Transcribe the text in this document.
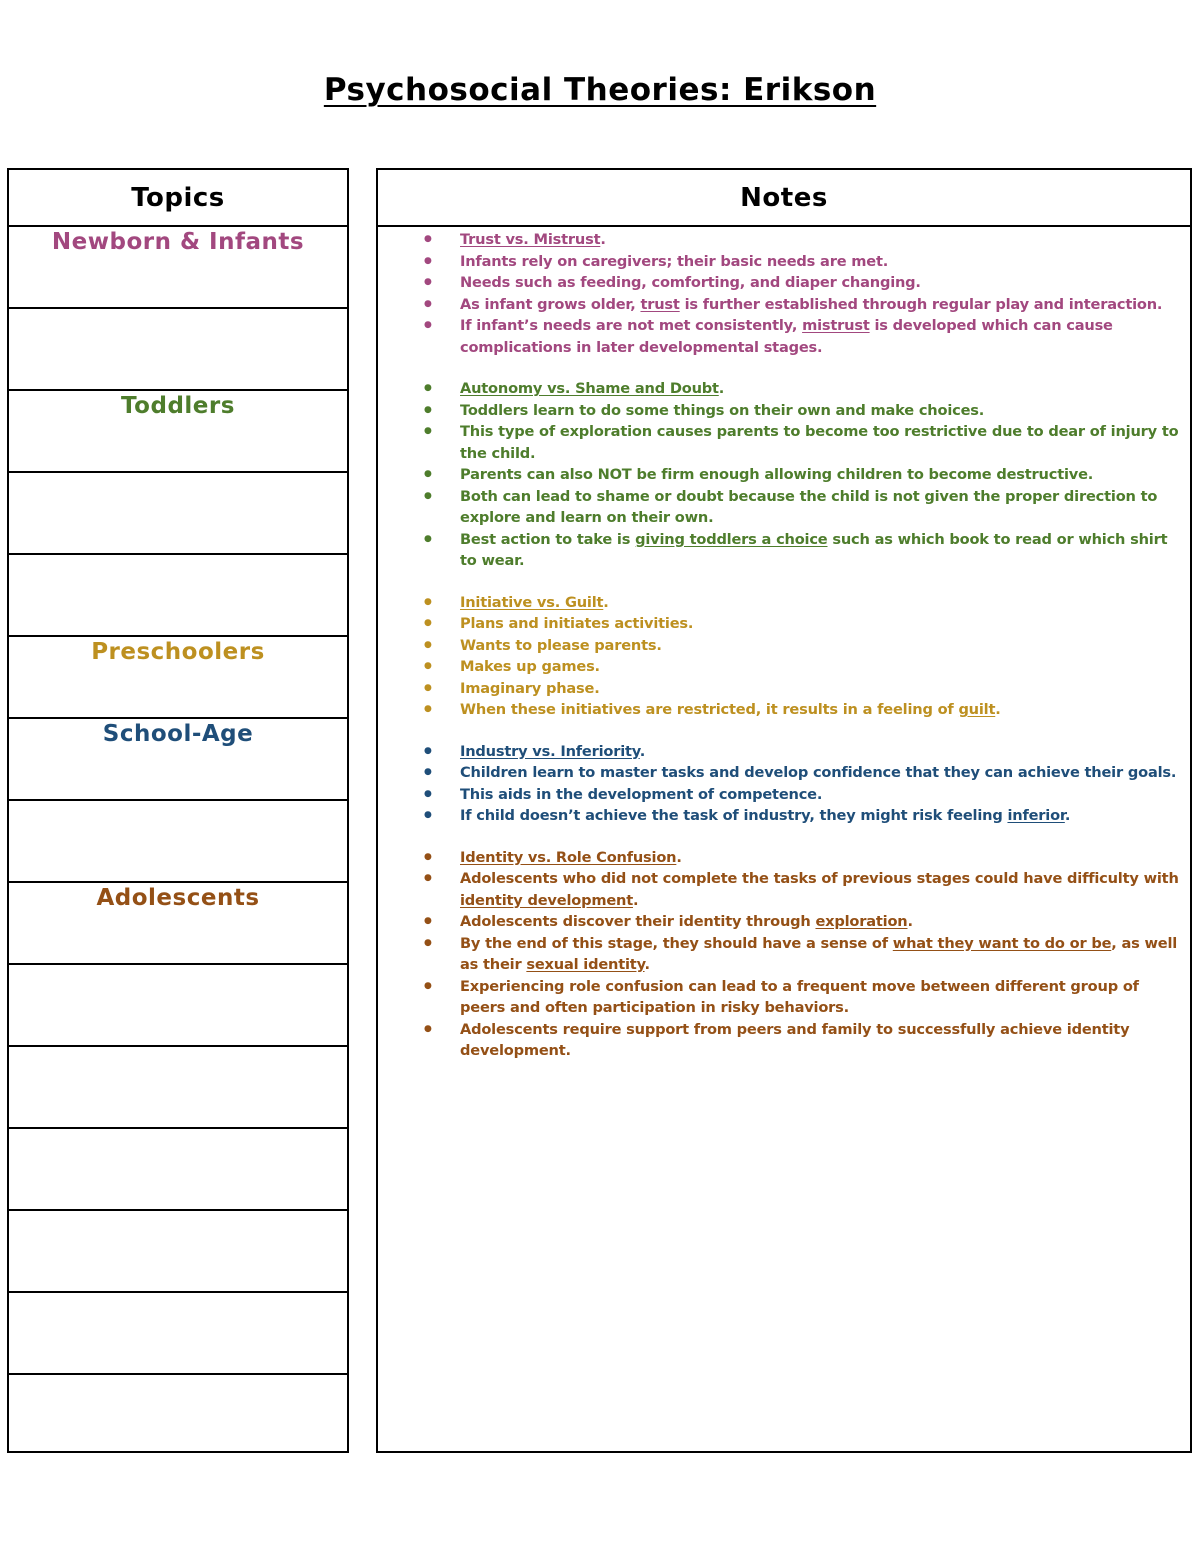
Psychosocial Theories: Erikson
Topics
Newborn & Infants
Toddlers
Preschoolers
School-Age
Adolescents
Notes
● Trust vs. Mistrust.
● Infants rely on caregivers; their basic needs are met.
● Needs such as feeding, comforting, and diaper changing.
● As infant grows older, trust is further established through regular play and interaction.
● If infant’s needs are not met consistently, mistrust is developed which can cause complications in later developmental stages.
● Autonomy vs. Shame and Doubt.
● Toddlers learn to do some things on their own and make choices.
● This type of exploration causes parents to become too restrictive due to dear of injury to the child.
● Parents can also NOT be firm enough allowing children to become destructive.
● Both can lead to shame or doubt because the child is not given the proper direction to explore and learn on their own.
● Best action to take is giving toddlers a choice such as which book to read or which shirt to wear.
● Initiative vs. Guilt.
● Plans and initiates activities.
● Wants to please parents.
● Makes up games.
● Imaginary phase.
● When these initiatives are restricted, it results in a feeling of guilt.
● Industry vs. Inferiority.
● Children learn to master tasks and develop confidence that they can achieve their goals.
● This aids in the development of competence.
● If child doesn’t achieve the task of industry, they might risk feeling inferior.
● Identity vs. Role Confusion.
● Adolescents who did not complete the tasks of previous stages could have difficulty with identity development.
● Adolescents discover their identity through exploration.
● By the end of this stage, they should have a sense of what they want to do or be, as well as their sexual identity.
● Experiencing role confusion can lead to a frequent move between different group of peers and often participation in risky behaviors.
● Adolescents require support from peers and family to successfully achieve identity development.
